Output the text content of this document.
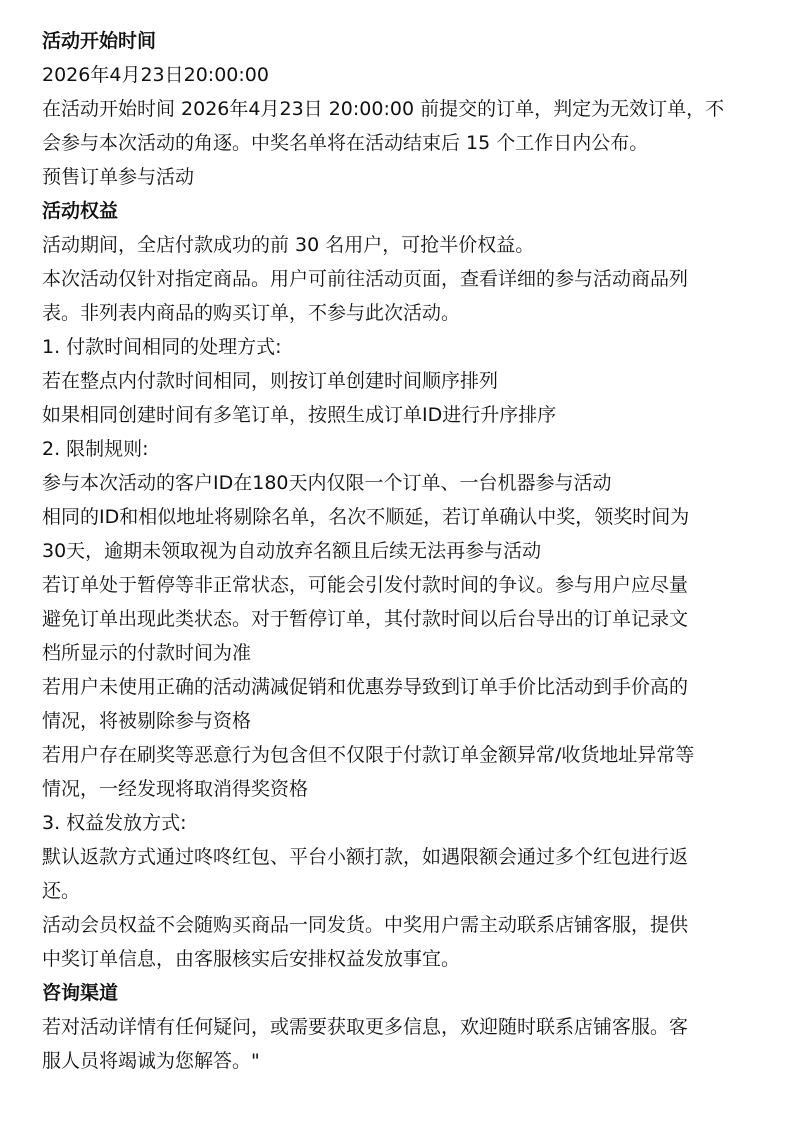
活动开始时间

2026年4月23日20:00:00

在活动开始时间 2026年4月23日 20:00:00 前提交的订单，判定为无效订单，不

会参与本次活动的角逐。中奖名单将在活动结束后 15 个工作日内公布。

预售订单参与活动

活动权益

活动期间，全店付款成功的前 30 名用户，可抢半价权益。

本次活动仅针对指定商品。用户可前往活动页面，查看详细的参与活动商品列

表。非列表内商品的购买订单，不参与此次活动。

1. 付款时间相同的处理方式:

若在整点内付款时间相同，则按订单创建时间顺序排列

如果相同创建时间有多笔订单，按照生成订单ID进行升序排序

2. 限制规则:

参与本次活动的客户ID在180天内仅限一个订单、一台机器参与活动

相同的ID和相似地址将剔除名单，名次不顺延，若订单确认中奖，领奖时间为

30天，逾期未领取视为自动放弃名额且后续无法再参与活动

若订单处于暂停等非正常状态，可能会引发付款时间的争议。参与用户应尽量

避免订单出现此类状态。对于暂停订单，其付款时间以后台导出的订单记录文

档所显示的付款时间为准

若用户未使用正确的活动满减促销和优惠券导致到订单手价比活动到手价高的

情况，将被剔除参与资格

若用户存在刷奖等恶意行为包含但不仅限于付款订单金额异常/收货地址异常等

情况，一经发现将取消得奖资格

3. 权益发放方式:

默认返款方式通过咚咚红包、平台小额打款，如遇限额会通过多个红包进行返

还。

活动会员权益不会随购买商品一同发货。中奖用户需主动联系店铺客服，提供

中奖订单信息，由客服核实后安排权益发放事宜。

咨询渠道

若对活动详情有任何疑问，或需要获取更多信息，欢迎随时联系店铺客服。客

服人员将竭诚为您解答。"
